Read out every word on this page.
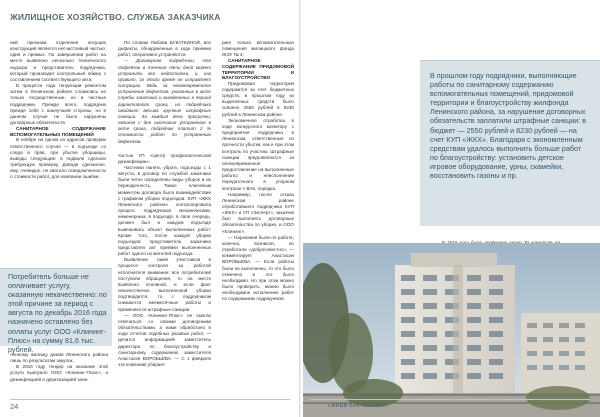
ЖИЛИЩНОЕ ХОЗЯЙСТВО. СЛУЖБА ЗАКАЗЧИКА

ний признаки отделения несущих конструкций является несчастливый частью: один и прямых. По завершении работ на месте выявлено несколько технического надзора и представитель подрядчика, который производит контрольный обмер с составлением соответствующего акта.

В процессе года тенденции ремонтом затем в Ленинском районе сложились не только посредственные, но и частные подрядчики. Прежде всего, подрядчик прежде себя с наилучшей стороны, но в данном случае не было нарушены договорных обязательств.

САНИТАРНОЕ СОДЕРЖАНИЕ ВСПОМОГАТЕЛЬНЫХ ПОМЕЩЕНИЙ

В ноябре на одном из адресов проверки ответственного случая — в подъезде со следа в прав, при убытке уборщицы, выводы следующие: в подвале сделали требующую проверку. Доводя сделанное, ему, очевидно, не хватило осведомленности о стоимости работ, для компании ошибки.

Потребитель больше не оплачивает услугу, оказанную некачественно: по этой причине за период с августа по декабрь 2016 года назначено оставлено без оплаты услуг ООО «Клининг-Плюс» на сумму 81,6 тыс. рублей.

ленному жилищу домов Ленинского района лишь по результатам закупок.

В 2016 году тендер на оказание этой услуги выиграло ООО «Клининг-Плюс», а дезинфекцией и дератизацией зани-

По словам Любови БУКАТКИНОЙ, все дефекты, обнаруженные в ходе приемки работ, оперативно устраняются.

— Договорная подрядчики, что подрядчик в течение пяти дней может устранить все недостатки, и, как правило, за этого время он исправляет ситуацию. Ведь за несвоевременное устранение дефектов, указанных в акте службы заказчика и выявленных в период гарантийного срока, на подрядчика ожидают весьма крупные штрафные санкции. За каждый день просрочки, начиная с дня окончания устранения в акте срока, подрядчик платит 2 % стоимости работ по устранению дефектов.

частью УП «Центр профилактической дезинфекции».

Частники нанять убрать подъезды с 1 августа, в договор по службой заказчика были четко определены виды уборок и их периодичность. Также ключевым моментом договора было взаимодействие с графиком уборки подъездов. КУП «ЖКХ Ленинского района» контролировала процесс подрядчиков механическим, инженерным, в подъезде, в свое очередь, должен был в каждом подъезде вывешивать объект выполненных работ. Кроме того, после каждой уборки подъездов представитель заказчика представлял акт приемки выполненных работ одного из жителей подъезда.

Выявление такие участников в процессе контроля за работой исполнителя внимание: все потребителей поступали обращения, то на месте выявлено основной, и если факт некачественно выполненной уборки подтвердится, то с подрядчиком снимаются ежемесячные работы и применяются штрафные санкции.

— ООО «Клининг-Плюс» не смогли отвечаться со своими договорными обязательствами, а нами обработано в ходе отчетов подобных разовых работ, — делится информацией заместитель директора по благоустройству и санитарному содержанию заместителя Анастасия ВОРОБЬЕВА. — С 1 февраля эта компания убирает

ринг только вспомогательные помещения жилищного фонда ЖЭУ № 4.

САНИТАРНОЕ СОДЕРЖАНИЕ ПРИДОМОВОЙ ТЕРРИТОРИИ И БЛАГОУСТРОЙСТВО

Придомовая территория содержится за счет бюджетных средств, в прошлом году из выделенных средств было освоено 2550 рублей в 8230 рублей в Ленинском районе.

Экономичное отработка в ходе конкурсного монитору с предприятия подрядчика в Ленинском, ответственные по прочности убытки, как и при этом контроль по участию. Штрафные санкции предъявляются за несвоевременное предоставление на выполненные работы и неисполнение передаточного в упорном контроле с ВАК, порядка.

Например, после отказа Ленинском районе отработавшего подрядчика КУП «ЖКХ» и УП «Эксперт», заказчик был выполнять договорные обязательства по уборке, и ООО «Клининг».

— Нарекания были по работе, конечно, возникли, но отработали «добросовестно», — комментирует Анастасия ВОРОБЬЕВА. — Если работы были не выполнены, то это было отмечено и это было необходимо. Но при этом можно было проверить, можно было необходимое исполнение работ по содержанию подрядчиков.

В прошлом году подрядчики, выполняющие работы по санитарному содержанию вспомогательных помещений, придомовой территории и благоустройству жилфонда Ленинского района, за нарушение договорных обязательств заплатили штрафные санкции: в бюджет — 2550 рублей и 8230 рублей — на счет КУП «ЖКХ». Благодаря с экономленным средствам удалось выполнить больше работ по благоустройству: установить детское игровое оборудование, урны, скамейки, восстановить газоны и пр.

24	«ЖИВИ КАК ХОЗЯИН»
